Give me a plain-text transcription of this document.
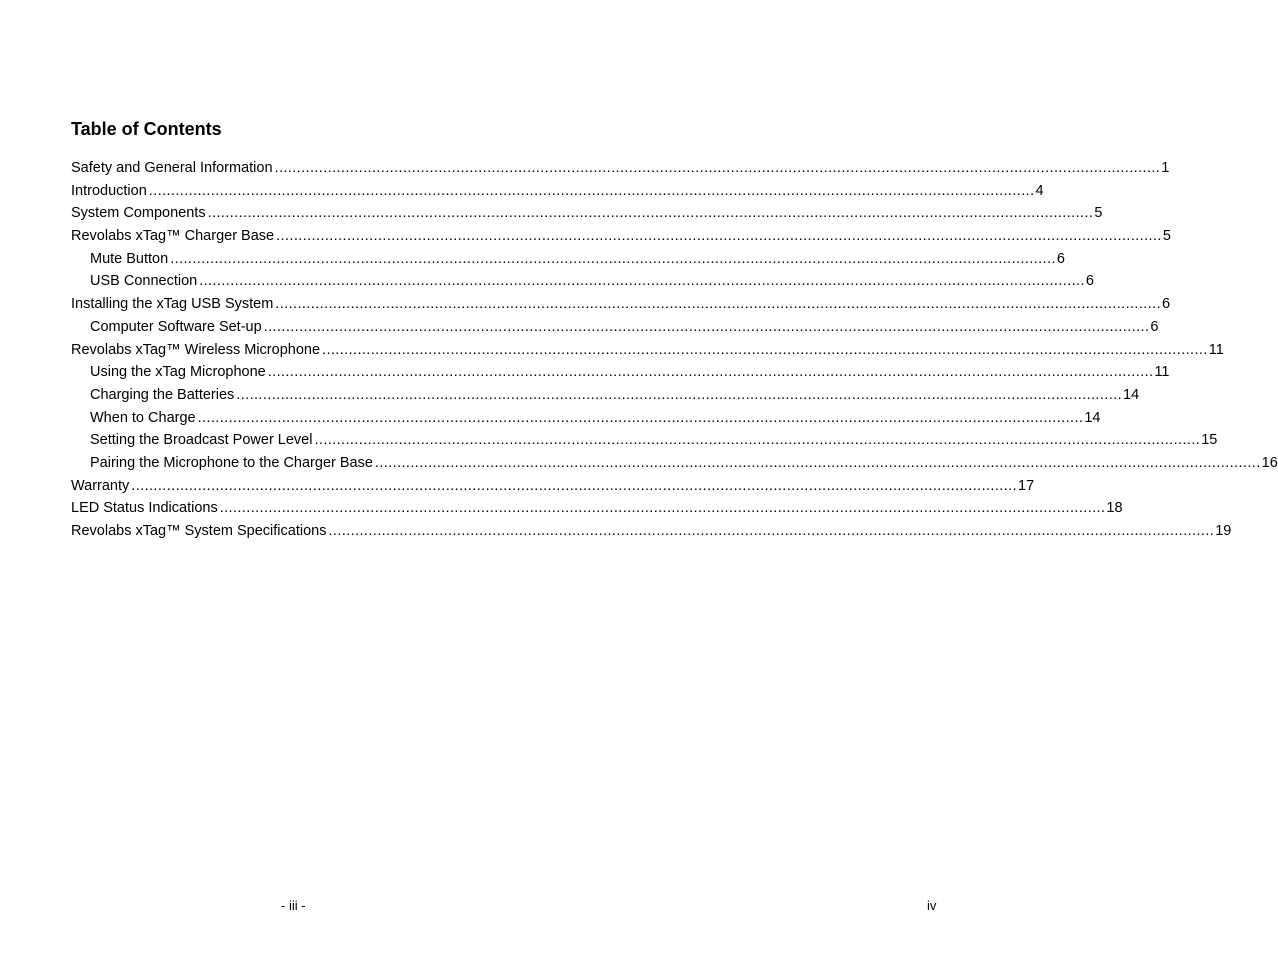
Table of Contents
Safety and General Information ........................................................................................................................................................................................................ 1
Introduction ........................................................................................................................................................................................................ 4
System Components ........................................................................................................................................................................................................ 5
Revolabs xTag™ Charger Base ........................................................................................................................................................................................................ 5
Mute Button ........................................................................................................................................................................................................ 6
USB Connection ........................................................................................................................................................................................................ 6
Installing the xTag USB System ........................................................................................................................................................................................................ 6
Computer Software Set-up ........................................................................................................................................................................................................ 6
Revolabs xTag™ Wireless Microphone ........................................................................................................................................................................................................ 11
Using the xTag Microphone ........................................................................................................................................................................................................ 11
Charging the Batteries ........................................................................................................................................................................................................ 14
When to Charge ........................................................................................................................................................................................................ 14
Setting the Broadcast Power Level ........................................................................................................................................................................................................ 15
Pairing the Microphone to the Charger Base ........................................................................................................................................................................................................ 16
Warranty ........................................................................................................................................................................................................ 17
LED Status Indications ........................................................................................................................................................................................................ 18
Revolabs xTag™ System Specifications ........................................................................................................................................................................................................ 19
- iii -	iv
